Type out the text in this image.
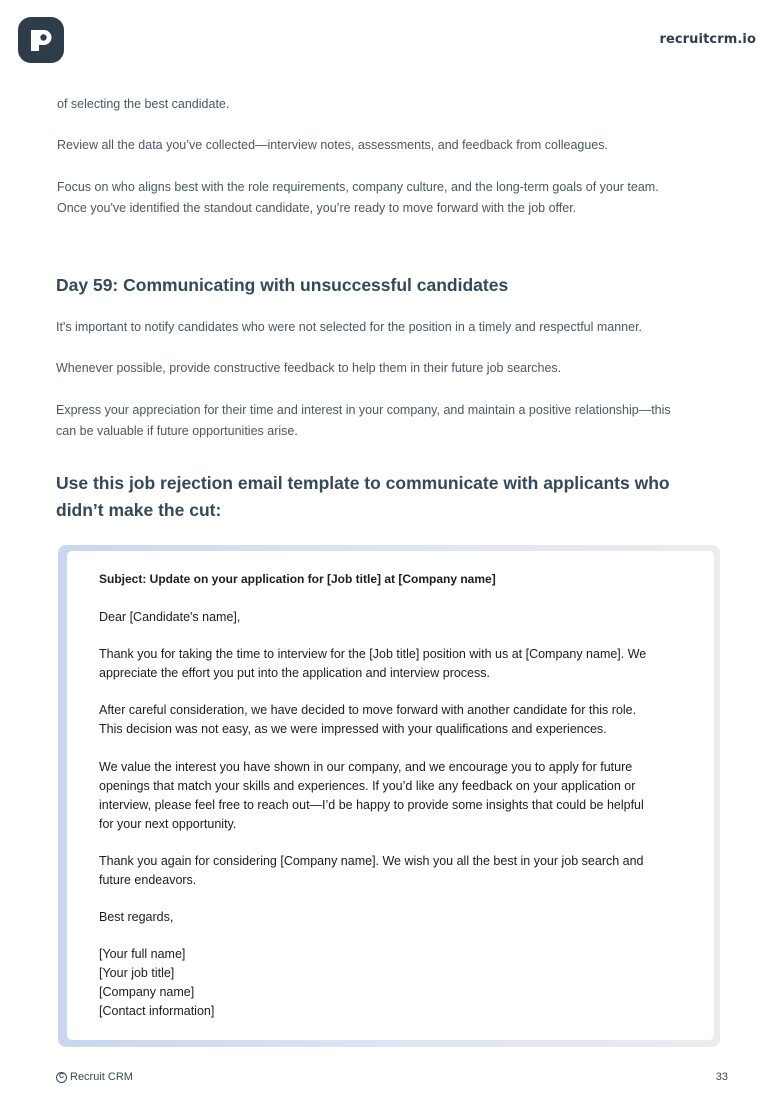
recruitcrm.io
of selecting the best candidate.
Review all the data you’ve collected—interview notes, assessments, and feedback from colleagues.
Focus on who aligns best with the role requirements, company culture, and the long-term goals of your team.
Once you've identified the standout candidate, you’re ready to move forward with the job offer.
Day 59: Communicating with unsuccessful candidates
It's important to notify candidates who were not selected for the position in a timely and respectful manner.
Whenever possible, provide constructive feedback to help them in their future job searches.
Express your appreciation for their time and interest in your company, and maintain a positive relationship—this
can be valuable if future opportunities arise.
Use this job rejection email template to communicate with applicants who
didn’t make the cut:
Subject: Update on your application for [Job title] at [Company name]
Dear [Candidate's name],
Thank you for taking the time to interview for the [Job title] position with us at [Company name]. We
appreciate the effort you put into the application and interview process.
After careful consideration, we have decided to move forward with another candidate for this role.
This decision was not easy, as we were impressed with your qualifications and experiences.
We value the interest you have shown in our company, and we encourage you to apply for future
openings that match your skills and experiences. If you’d like any feedback on your application or
interview, please feel free to reach out—I’d be happy to provide some insights that could be helpful
for your next opportunity.
Thank you again for considering [Company name]. We wish you all the best in your job search and
future endeavors.
Best regards,
[Your full name]
[Your job title]
[Company name]
[Contact information]
C Recruit CRM	33
